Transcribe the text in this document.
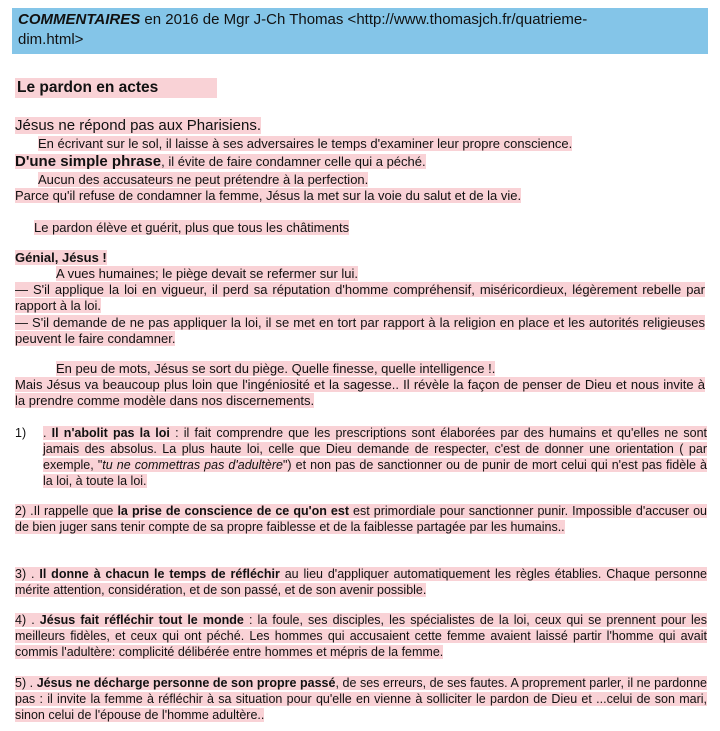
COMMENTAIRES en 2016 de Mgr J-Ch Thomas <http://www.thomasjch.fr/quatrieme-
dim.html>
Le pardon en actes
Jésus ne répond pas aux Pharisiens.
En écrivant sur le sol, il laisse à ses adversaires le temps d'examiner leur propre conscience.
D'une simple phrase, il évite de faire condamner celle qui a péché.
Aucun des accusateurs ne peut prétendre à la perfection.
Parce qu'il refuse de condamner la femme, Jésus la met sur la voie du salut et de la vie.
Le pardon élève et guérit, plus que tous les châtiments
Génial, Jésus !
A vues humaines; le piège devait se refermer sur lui.
— S'il applique la loi en vigueur, il perd sa réputation d'homme compréhensif, miséricordieux, légèrement rebelle par rapport à la loi.
— S'il demande de ne pas appliquer la loi, il se met en tort par rapport à la religion en place et les autorités religieuses peuvent le faire condamner.
En peu de mots, Jésus se sort du piège. Quelle finesse, quelle intelligence !.
Mais Jésus va beaucoup plus loin que l'ingéniosité et la sagesse.. Il révèle la façon de penser de Dieu et nous invite à la prendre comme modèle dans nos discernements.
1) . Il n'abolit pas la loi : il fait comprendre que les prescriptions sont élaborées par des humains et qu'elles ne sont jamais des absolus. La plus haute loi, celle que Dieu demande de respecter, c'est de donner une orientation ( par exemple, "tu ne commettras pas d'adultère") et non pas de sanctionner ou de punir de mort celui qui n'est pas fidèle à la loi, à toute la loi.
2) .Il rappelle que la prise de conscience de ce qu'on est est primordiale pour sanctionner punir. Impossible d'accuser ou de bien juger sans tenir compte de sa propre faiblesse et de la faiblesse partagée par les humains..
3) . Il donne à chacun le temps de réfléchir au lieu d'appliquer automatiquement les règles établies. Chaque personne mérite attention, considération, et de son passé, et de son avenir possible.
4) . Jésus fait réfléchir tout le monde : la foule, ses disciples, les spécialistes de la loi, ceux qui se prennent pour les meilleurs fidèles, et ceux qui ont péché. Les hommes qui accusaient cette femme avaient laissé partir l'homme qui avait commis l'adultère: complicité délibérée entre hommes et mépris de la femme.
5) . Jésus ne décharge personne de son propre passé, de ses erreurs, de ses fautes. A proprement parler, il ne pardonne pas : il invite la femme à réfléchir à sa situation pour qu'elle en vienne à solliciter le pardon de Dieu et ...celui de son mari, sinon celui de l'épouse de l'homme adultère..
